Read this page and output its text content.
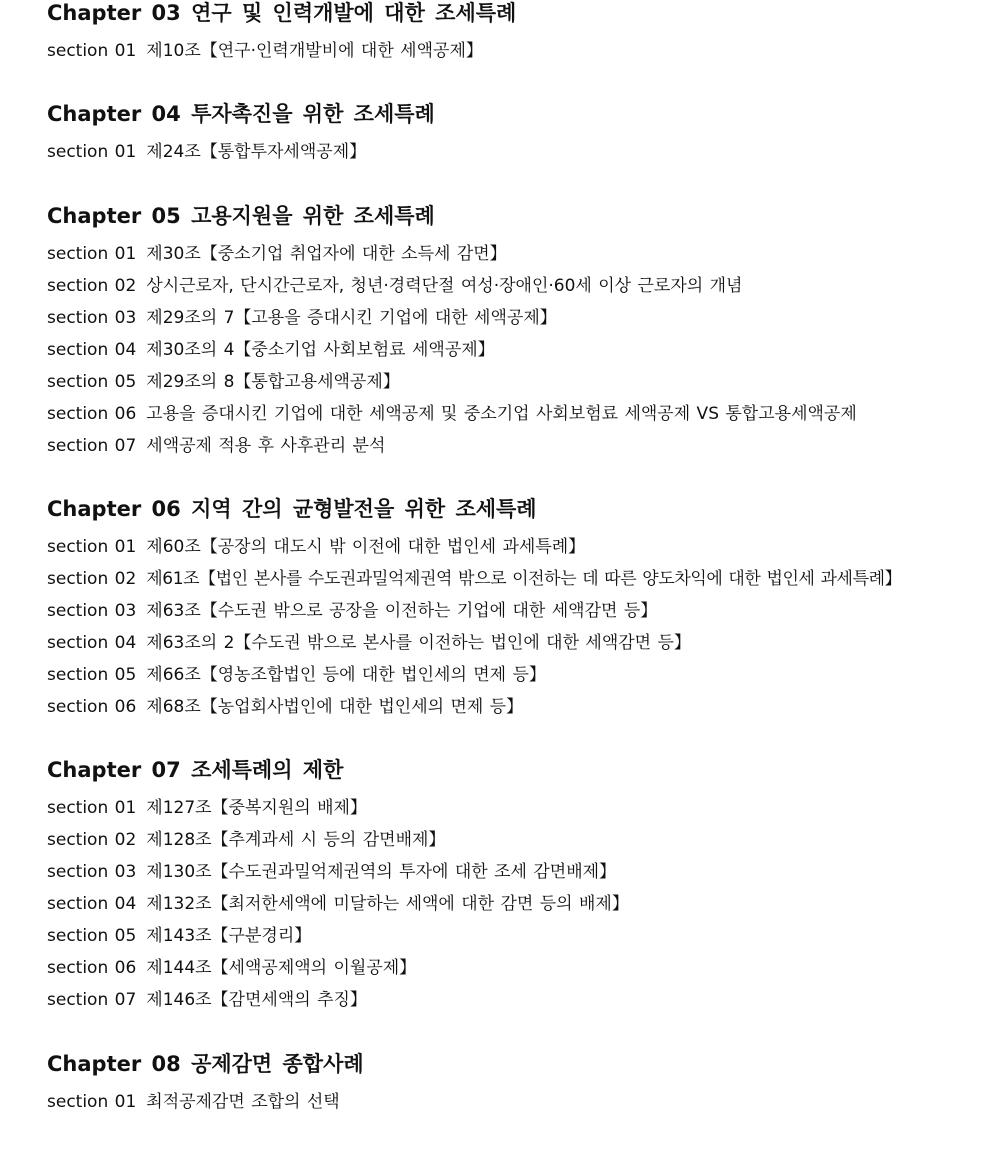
Chapter 03 연구 및 인력개발에 대한 조세특례
section 01 제10조【연구·인력개발비에 대한 세액공제】
Chapter 04 투자촉진을 위한 조세특례
section 01 제24조【통합투자세액공제】
Chapter 05 고용지원을 위한 조세특례
section 01 제30조【중소기업 취업자에 대한 소득세 감면】
section 02 상시근로자, 단시간근로자, 청년·경력단절 여성·장애인·60세 이상 근로자의 개념
section 03 제29조의 7【고용을 증대시킨 기업에 대한 세액공제】
section 04 제30조의 4【중소기업 사회보험료 세액공제】
section 05 제29조의 8【통합고용세액공제】
section 06 고용을 증대시킨 기업에 대한 세액공제 및 중소기업 사회보험료 세액공제 VS 통합고용세액공제
section 07 세액공제 적용 후 사후관리 분석
Chapter 06 지역 간의 균형발전을 위한 조세특례
section 01 제60조【공장의 대도시 밖 이전에 대한 법인세 과세특례】
section 02 제61조【법인 본사를 수도권과밀억제권역 밖으로 이전하는 데 따른 양도차익에 대한 법인세 과세특례】
section 03 제63조【수도권 밖으로 공장을 이전하는 기업에 대한 세액감면 등】
section 04 제63조의 2【수도권 밖으로 본사를 이전하는 법인에 대한 세액감면 등】
section 05 제66조【영농조합법인 등에 대한 법인세의 면제 등】
section 06 제68조【농업회사법인에 대한 법인세의 면제 등】
Chapter 07 조세특례의 제한
section 01 제127조【중복지원의 배제】
section 02 제128조【추계과세 시 등의 감면배제】
section 03 제130조【수도권과밀억제권역의 투자에 대한 조세 감면배제】
section 04 제132조【최저한세액에 미달하는 세액에 대한 감면 등의 배제】
section 05 제143조【구분경리】
section 06 제144조【세액공제액의 이월공제】
section 07 제146조【감면세액의 추징】
Chapter 08 공제감면 종합사례
section 01 최적공제감면 조합의 선택
